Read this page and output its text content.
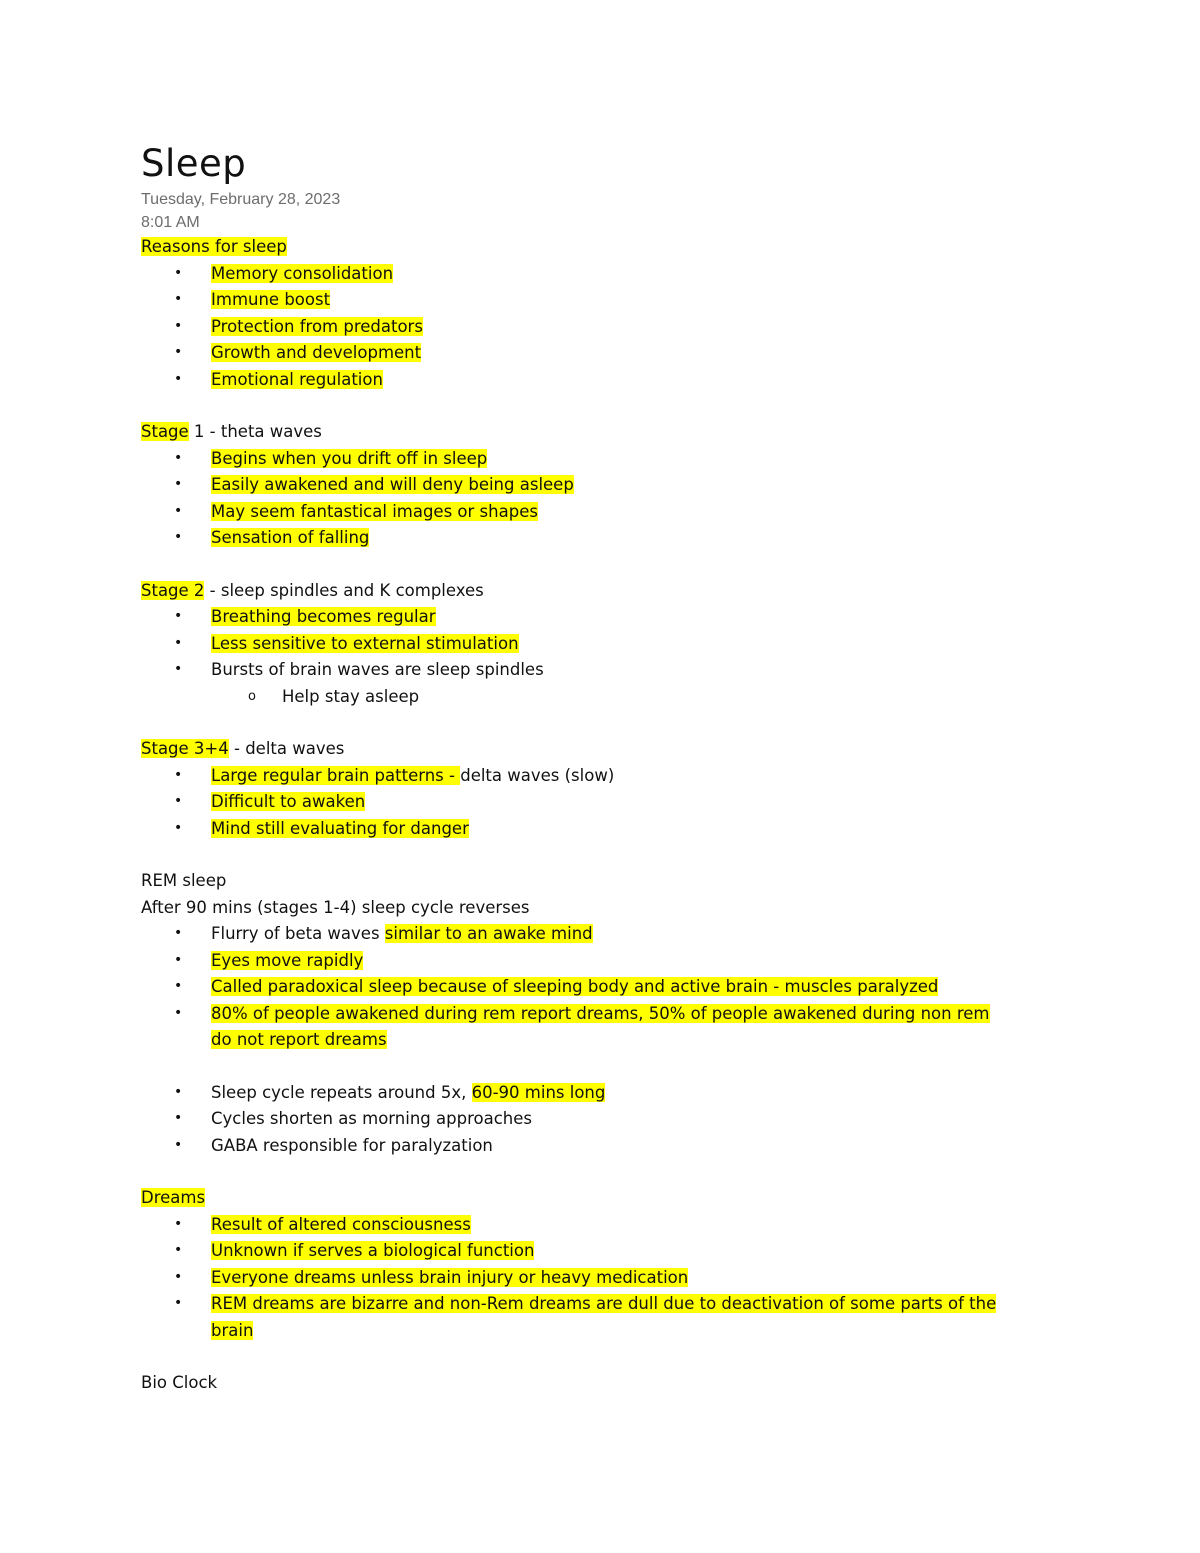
Sleep
Tuesday, February 28, 2023
8:01 AM
Reasons for sleep
• Memory consolidation
• Immune boost
• Protection from predators
• Growth and development
• Emotional regulation
Stage 1 - theta waves
• Begins when you drift off in sleep
• Easily awakened and will deny being asleep
• May seem fantastical images or shapes
• Sensation of falling
Stage 2 - sleep spindles and K complexes
• Breathing becomes regular
• Less sensitive to external stimulation
• Bursts of brain waves are sleep spindles
o Help stay asleep
Stage 3+4 - delta waves
• Large regular brain patterns - delta waves (slow)
• Difficult to awaken
• Mind still evaluating for danger
REM sleep
After 90 mins (stages 1-4) sleep cycle reverses
• Flurry of beta waves similar to an awake mind
• Eyes move rapidly
• Called paradoxical sleep because of sleeping body and active brain - muscles paralyzed
• 80% of people awakened during rem report dreams, 50% of people awakened during non rem
do not report dreams
• Sleep cycle repeats around 5x, 60-90 mins long
• Cycles shorten as morning approaches
• GABA responsible for paralyzation
Dreams
• Result of altered consciousness
• Unknown if serves a biological function
• Everyone dreams unless brain injury or heavy medication
• REM dreams are bizarre and non-Rem dreams are dull due to deactivation of some parts of the
brain
Bio Clock
